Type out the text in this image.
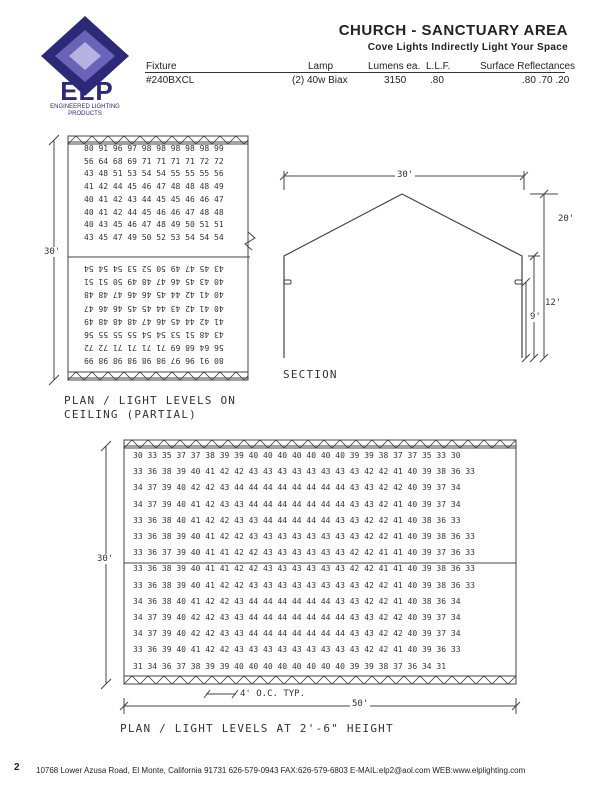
ELP
ENGINEERED LIGHTING
PRODUCTS
CHURCH - SANCTUARY AREA
Cove Lights Indirectly Light Your Space
Fixture	Lamp	Lumens ea. L.L.F.	Surface Reflectances
#240BXCL	(2) 40w Biax	3150 .80	.80 .70 .20
30'
80 91 96 97 98 98 98 98 98 99
56 64 68 69 71 71 71 71 72 72
43 48 51 53 54 54 55 55 55 56
41 42 44 45 46 47 48 48 48 49
40 41 42 43 44 45 45 46 46 47
40 41 42 44 45 46 46 47 48 48
40 43 45 46 47 48 49 50 51 51
43 45 47 49 50 52 53 54 54 54
43 45 47 49 50 52 53 54 54 54
40 43 45 46 47 48 49 50 51 51
40 41 42 44 45 46 46 47 48 48
40 41 42 43 44 45 45 46 46 47
41 42 44 45 46 47 48 48 48 49
43 48 51 53 54 54 55 55 55 56
56 64 68 69 71 71 71 71 72 72
80 91 96 97 98 98 98 98 98 99
PLAN / LIGHT LEVELS ON
CEILING (PARTIAL)
30'
20'
12'
9'
SECTION
30'
4' O.C. TYP.
50'
30 33 35 37 37 38 39 39 40 40 40 40 40 40 40 39 39 38 37 37 35 33 30
33 36 38 39 40 41 42 42 43 43 43 43 43 43 43 43 42 42 41 40 39 38 36 33
34 37 39 40 42 42 43 44 44 44 44 44 44 44 44 43 43 42 42 40 39 37 34
34 37 39 40 41 42 43 43 44 44 44 44 44 44 44 43 43 42 41 40 39 37 34
33 36 38 40 41 42 42 43 43 44 44 44 44 44 43 43 42 42 41 40 38 36 33
33 36 38 39 40 41 42 42 43 43 43 43 43 43 43 43 42 42 41 40 39 38 36 33
33 36 37 39 40 41 41 42 42 43 43 43 43 43 43 42 42 41 41 40 39 37 36 33
33 36 38 39 40 41 41 42 42 43 43 43 43 43 43 42 42 41 41 40 39 38 36 33
33 36 38 39 40 41 42 42 43 43 43 43 43 43 43 43 42 42 41 40 39 38 36 33
34 36 38 40 41 42 42 43 44 44 44 44 44 44 43 43 42 42 41 40 38 36 34
34 37 39 40 42 42 43 43 44 44 44 44 44 44 44 43 43 42 42 40 39 37 34
34 37 39 40 42 42 43 43 44 44 44 44 44 44 44 43 43 42 42 40 39 37 34
33 36 39 40 41 42 42 43 43 43 43 43 43 43 43 43 42 42 41 40 39 36 33
31 34 36 37 38 39 39 40 40 40 40 40 40 40 40 39 39 38 37 36 34 31
PLAN / LIGHT LEVELS AT 2'-6" HEIGHT
2 10768 Lower Azusa Road, El Monte, California 91731 626-579-0943 FAX:626-579-6803 E-MAIL:elp2@aol.com WEB:www.elplighting.com
